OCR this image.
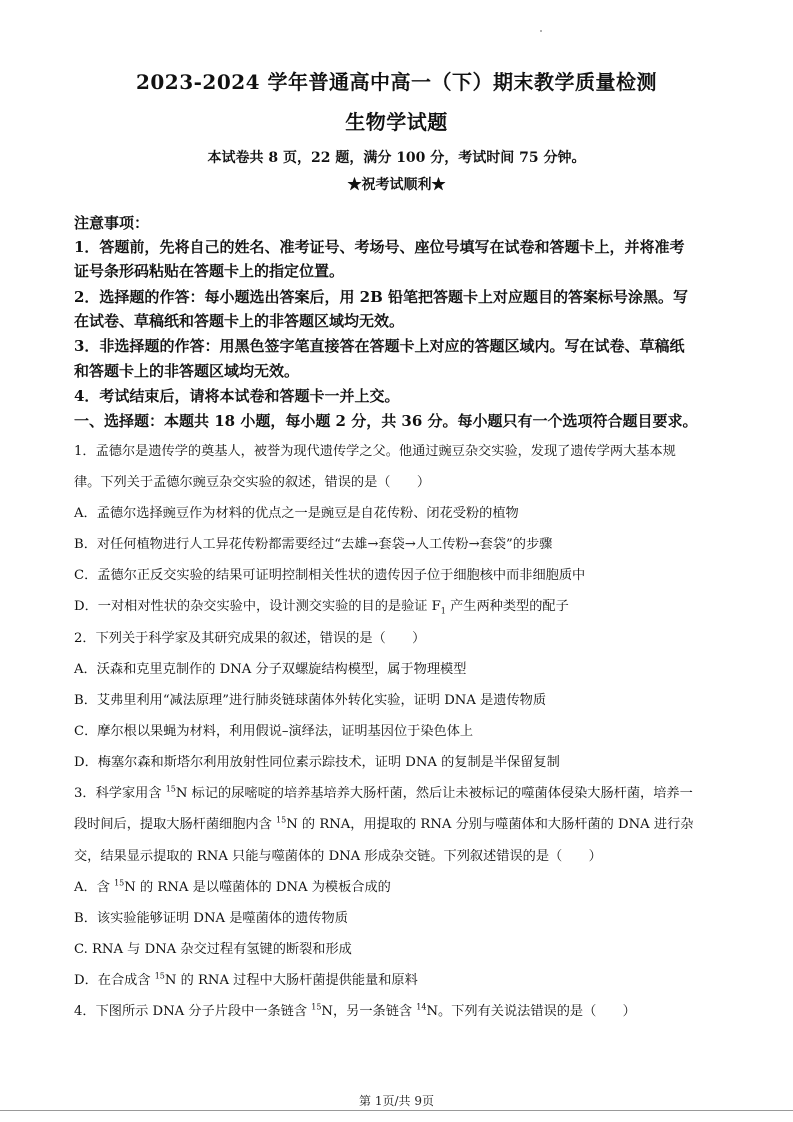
2023-2024 学年普通高中高一（下）期末教学质量检测
生物学试题
本试卷共 8 页，22 题，满分 100 分，考试时间 75 分钟。
★祝考试顺利★
注意事项：
1．答题前，先将自己的姓名、准考证号、考场号、座位号填写在试卷和答题卡上，并将准考
证号条形码粘贴在答题卡上的指定位置。
2．选择题的作答：每小题选出答案后，用 2B 铅笔把答题卡上对应题目的答案标号涂黑。写
在试卷、草稿纸和答题卡上的非答题区域均无效。
3．非选择题的作答：用黑色签字笔直接答在答题卡上对应的答题区域内。写在试卷、草稿纸
和答题卡上的非答题区域均无效。
4．考试结束后，请将本试卷和答题卡一并上交。
一、选择题：本题共 18 小题，每小题 2 分，共 36 分。每小题只有一个选项符合题目要求。
1．孟德尔是遗传学的奠基人，被誉为现代遗传学之父。他通过豌豆杂交实验，发现了遗传学两大基本规
律。下列关于孟德尔豌豆杂交实验的叙述，错误的是（　　）
A．孟德尔选择豌豆作为材料的优点之一是豌豆是自花传粉、闭花受粉的植物
B．对任何植物进行人工异花传粉都需要经过“去雄→套袋→人工传粉→套袋”的步骤
C．孟德尔正反交实验的结果可证明控制相关性状的遗传因子位于细胞核中而非细胞质中
D．一对相对性状的杂交实验中，设计测交实验的目的是验证 $F_1$ 产生两种类型的配子
2．下列关于科学家及其研究成果的叙述，错误的是（　　）
A．沃森和克里克制作的 DNA 分子双螺旋结构模型，属于物理模型
B．艾弗里利用“减法原理”进行肺炎链球菌体外转化实验，证明 DNA 是遗传物质
C．摩尔根以果蝇为材料，利用假说–演绎法，证明基因位于染色体上
D．梅塞尔森和斯塔尔利用放射性同位素示踪技术，证明 DNA 的复制是半保留复制
3．科学家用含 $^{15}$N 标记的尿嘧啶的培养基培养大肠杆菌，然后让未被标记的噬菌体侵染大肠杆菌，培养一
段时间后，提取大肠杆菌细胞内含 $^{15}$N 的 RNA，用提取的 RNA 分别与噬菌体和大肠杆菌的 DNA 进行杂
交，结果显示提取的 RNA 只能与噬菌体的 DNA 形成杂交链。下列叙述错误的是（　　）
A．含 $^{15}$N 的 RNA 是以噬菌体的 DNA 为模板合成的
B．该实验能够证明 DNA 是噬菌体的遗传物质
C. RNA 与 DNA 杂交过程有氢键的断裂和形成
D．在合成含 $^{15}$N 的 RNA 过程中大肠杆菌提供能量和原料
4．下图所示 DNA 分子片段中一条链含 $^{15}$N，另一条链含 $^{14}$N。下列有关说法错误的是（　　）
第 1页/共 9页
